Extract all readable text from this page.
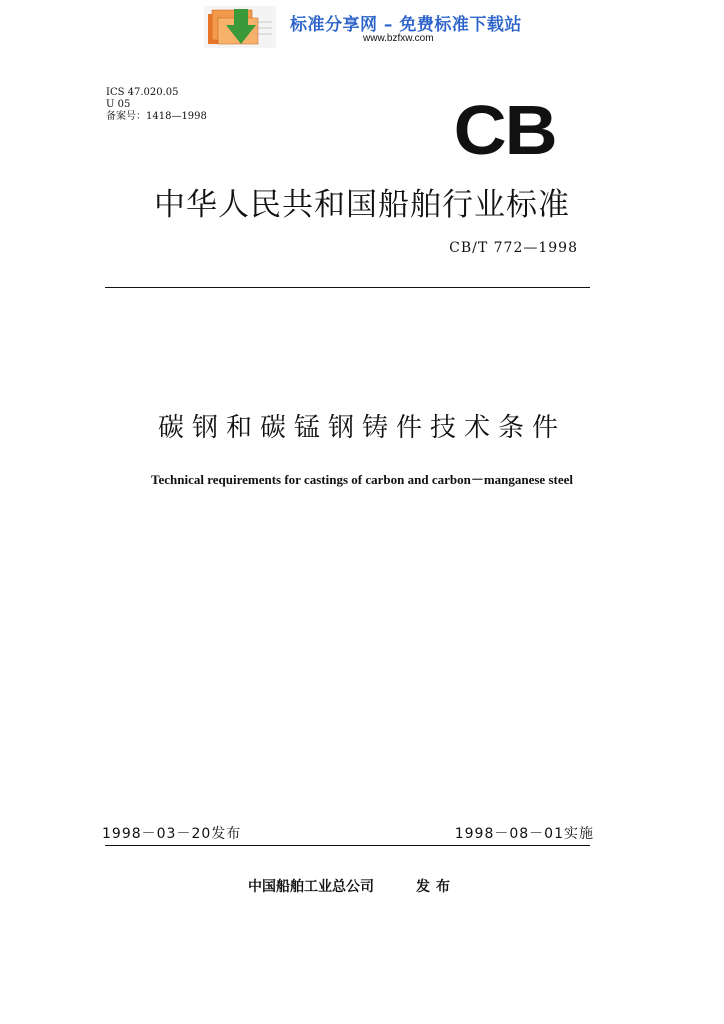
标准分享网 – 免费标准下载站
www.bzfxw.com
ICS 47.020.05
U 05
备案号：1418—1998	CB
中华人民共和国船舶行业标准
CB/T 772—1998
碳钢和碳锰钢铸件技术条件
Technical requirements for castings of carbon and carbon－manganese steel
1998－03－20发布	1998－08－01实施
中国船舶工业总公司	发布
